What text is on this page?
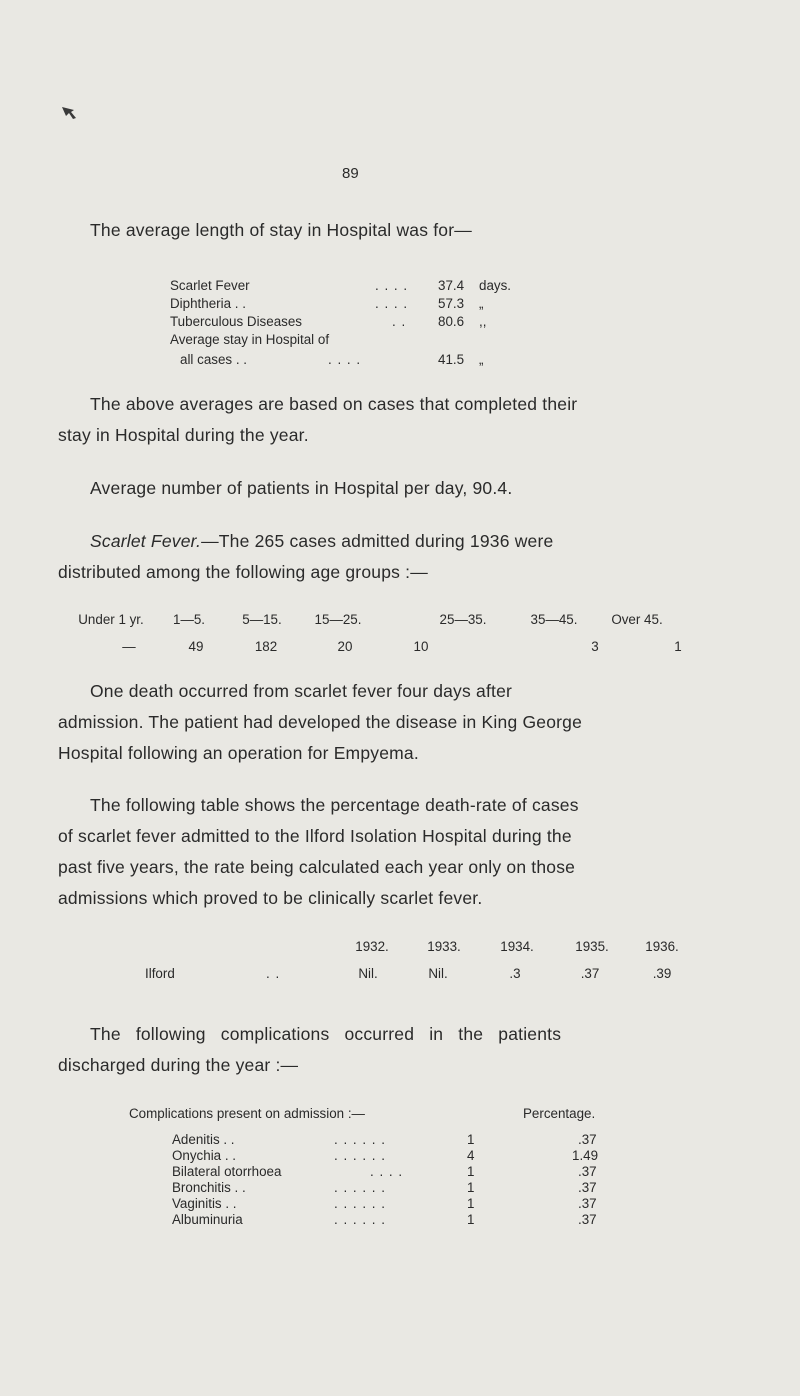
89
The average length of stay in Hospital was for—
Scarlet Fever	. . . . 37.4 days.
Diphtheria . .	. . . . 57.3 „
Tuberculous Diseases	. . 80.6 ,,
Average stay in Hospital of
all cases . .	. . . .	41.5 „
The above averages are based on cases that completed their
stay in Hospital during the year.
Average number of patients in Hospital per day, 90.4.
Scarlet Fever.—The 265 cases admitted during 1936 were
distributed among the following age groups :—
Under 1 yr. 1—5.	5—15. 15—25.	25—35.	35—45.	Over 45.
—	49	182	20	10	3	1
One death occurred from scarlet fever four days after
admission. The patient had developed the disease in King George
Hospital following an operation for Empyema.
The following table shows the percentage death-rate of cases
of scarlet fever admitted to the Ilford Isolation Hospital during the
past five years, the rate being calculated each year only on those
admissions which proved to be clinically scarlet fever.
1932.	1933.	1934.	1935.	1936.
Ilford	. .	Nil.	Nil.	.3	.37	.39
The following complications occurred in the patients
discharged during the year :—
Complications present on admission :—	Percentage.
Adenitis . .	. . . . . .	1	.37
Onychia . .	. . . . . .	4	1.49
Bilateral otorrhoea	. . . .	1	.37
Bronchitis . .	. . . . . .	1	.37
Vaginitis . .	. . . . . .	1	.37
Albuminuria	. . . . . .	1	.37
